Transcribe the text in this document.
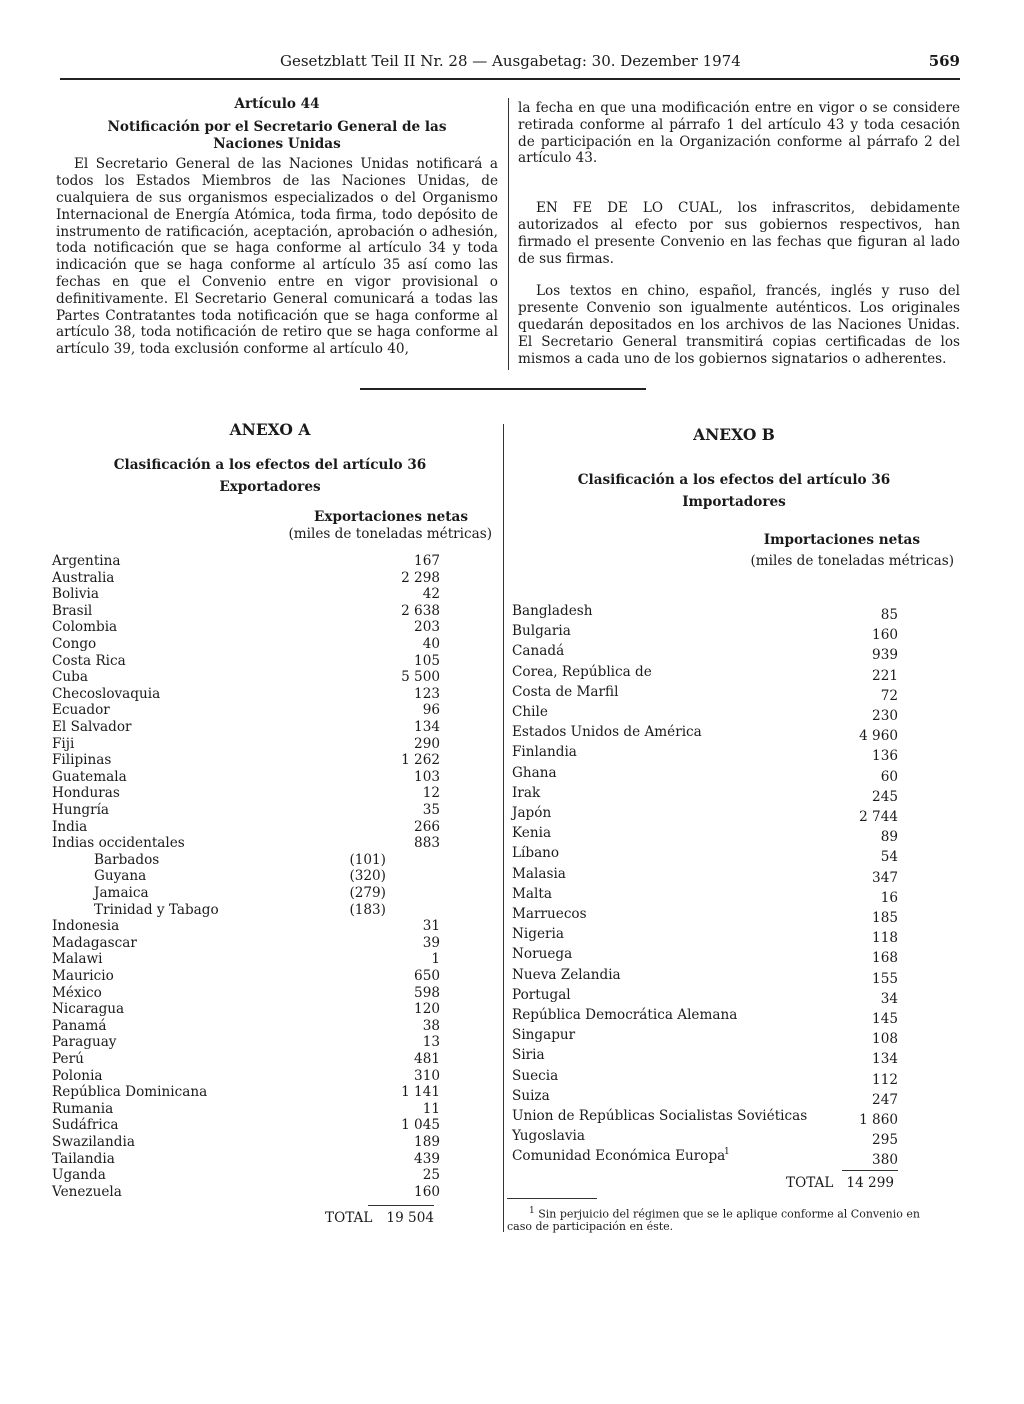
Gesetzblatt Teil II Nr. 28 — Ausgabetag: 30. Dezember 1974	569

Artículo 44

Notificación por el Secretario General de las

Naciones Unidas

El Secretario General de las Naciones Unidas notificará a todos los Estados Miembros de las Naciones Unidas, de cualquiera de sus organismos especializados o del Organismo Internacional de Energía Atómica, toda firma, todo depósito de instrumento de ratificación, aceptación, aprobación o adhesión, toda notificación que se haga conforme al artículo 34 y toda indicación que se haga conforme al artículo 35 así como las fechas en que el Convenio entre en vigor provisional o definitivamente. El Secretario General comunicará a todas las Partes Contratantes toda notificación que se haga conforme al artículo 38, toda notificación de retiro que se haga conforme al artículo 39, toda exclusión conforme al artículo 40,

la fecha en que una modificación entre en vigor o se considere retirada conforme al párrafo 1 del artículo 43 y toda cesación de participación en la Organización conforme al párrafo 2 del artículo 43.

EN FE DE LO CUAL, los infrascritos, debidamente autorizados al efecto por sus gobiernos respectivos, han firmado el presente Convenio en las fechas que figuran al lado de sus firmas.

Los textos en chino, español, francés, inglés y ruso del presente Convenio son igualmente auténticos. Los originales quedarán depositados en los archivos de las Naciones Unidas. El Secretario General transmitirá copias certificadas de los mismos a cada uno de los gobiernos signatarios o adherentes.

ANEXO A
Clasificación a los efectos del artículo 36
Exportadores
Exportaciones netas
(miles de toneladas métricas)
Argentina	167
Australia	2 298
Bolivia	42
Brasil	2 638
Colombia	203
Congo	40
Costa Rica	105
Cuba	5 500
Checoslovaquia	123
Ecuador	96
El Salvador	134
Fiji	290
Filipinas	1 262
Guatemala	103
Honduras	12
Hungría	35
India	266
Indias occidentales	883
Barbados	(101)
Guyana	(320)
Jamaica	(279)
Trinidad y Tabago	(183)
Indonesia	31
Madagascar	39
Malawi	1
Mauricio	650
México	598
Nicaragua	120
Panamá	38
Paraguay	13
Perú	481
Polonia	310
República Dominicana	1 141
Rumania	11
Sudáfrica	1 045
Swazilandia	189
Tailandia	439
Uganda	25
Venezuela	160
TOTAL	19 504
ANEXO B
Clasificación a los efectos del artículo 36
Importadores
Importaciones netas
(miles de toneladas métricas)
Bangladesh	85
Bulgaria	160
Canadá	939
Corea, República de	221
Costa de Marfil	72
Chile	230
Estados Unidos de América	4 960
Finlandia	136
Ghana	60
Irak	245
Japón	2 744
Kenia	89
Líbano	54
Malasia	347
Malta	16
Marruecos	185
Nigeria	118
Noruega	168
Nueva Zelandia	155
Portugal	34
República Democrática Alemana	145
Singapur	108
Siria	134
Suecia	112
Suiza	247
Union de Repúblicas Socialistas Soviéticas	1 860
Yugoslavia	295
Comunidad Económica Europa
1	380
TOTAL 14 299
$^1$ Sin perjuicio del régimen que se le aplique conforme al Convenio en caso de participación en éste.
